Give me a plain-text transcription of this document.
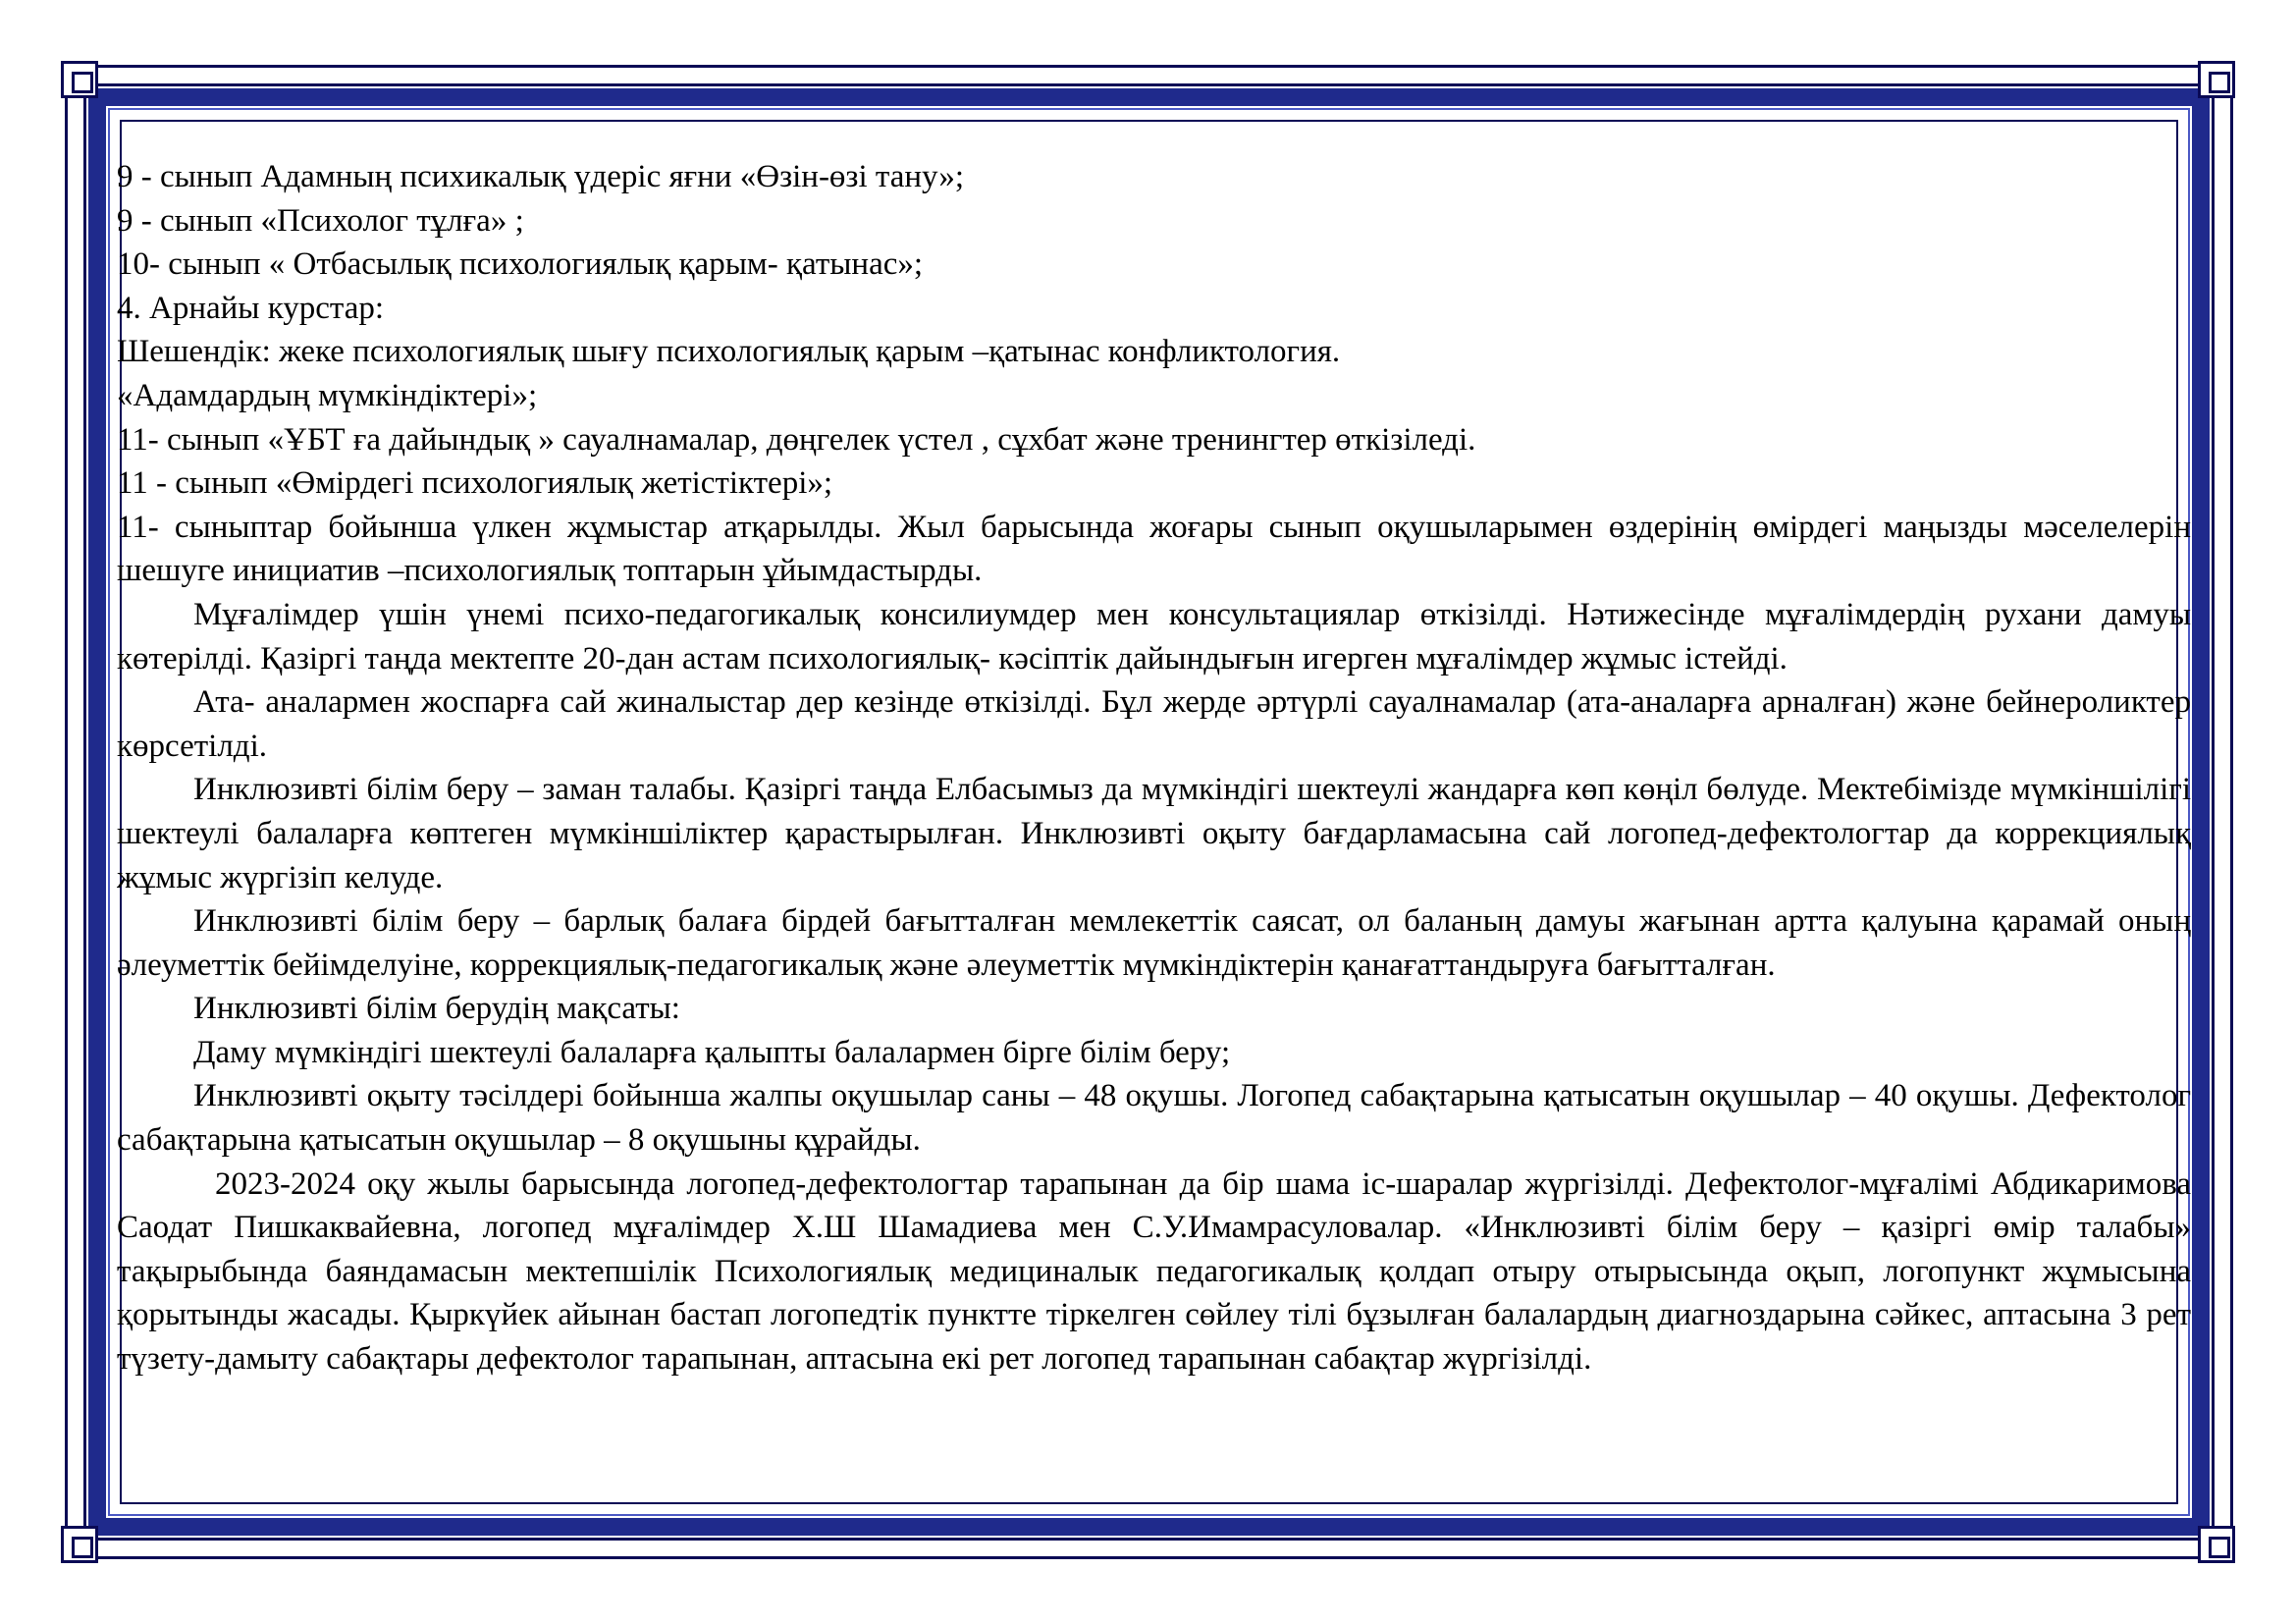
9 - сынып Адамның психикалық үдеріс яғни «Өзін-өзі тану»;

9 - сынып «Психолог тұлға» ;

10- сынып « Отбасылық психологиялық қарым- қатынас»;

4. Арнайы курстар:

Шешендік: жеке психологиялық шығу психологиялық қарым –қатынас конфликтология.

«Адамдардың мүмкіндіктері»;

11- сынып «ҰБТ ға дайындық » сауалнамалар, дөңгелек үстел , сұхбат және тренингтер өткізіледі.

11 - сынып «Өмірдегі психологиялық жетістіктері»;

11- сыныптар бойынша үлкен жұмыстар атқарылды. Жыл барысында жоғары сынып оқушыларымен өздерінің өмірдегі маңызды мәселелерін шешуге инициатив –психологиялық топтарын ұйымдастырды.

Мұғалімдер үшін үнемі психо-педагогикалық консилиумдер мен консультациялар өткізілді. Нәтижесінде мұғалімдердің рухани дамуы көтерілді. Қазіргі таңда мектепте 20-дан астам психологиялық- кәсіптік дайындығын игерген мұғалімдер жұмыс істейді.

Ата- аналармен жоспарға сай жиналыстар дер кезінде өткізілді. Бұл жерде әртүрлі сауалнамалар (ата-аналарға арналған) және бейнероликтер көрсетілді.

Инклюзивті білім беру – заман талабы. Қазіргі таңда Елбасымыз да мүмкіндігі шектеулі жандарға көп көңіл бөлуде. Мектебімізде мүмкіншілігі шектеулі балаларға көптеген мүмкіншіліктер қарастырылған. Инклюзивті оқыту бағдарламасына сай логопед-дефектологтар да коррекциялық жұмыс жүргізіп келуде.

Инклюзивті білім беру – барлық балаға бірдей бағытталған мемлекеттік саясат, ол баланың дамуы жағынан артта қалуына қарамай оның әлеуметтік бейімделуіне, коррекциялық-педагогикалық және әлеуметтік мүмкіндіктерін қанағаттандыруға бағытталған.

Инклюзивті білім берудің мақсаты:

Даму мүмкіндігі шектеулі балаларға қалыпты балалармен бірге білім беру;

Инклюзивті оқыту тәсілдері бойынша жалпы оқушылар саны – 48 оқушы. Логопед сабақтарына қатысатын оқушылар – 40 оқушы. Дефектолог сабақтарына қатысатын оқушылар – 8 оқушыны құрайды.

2023-2024 оқу жылы барысында логопед-дефектологтар тарапынан да бір шама іс-шаралар жүргізілді. Дефектолог-мұғалімі Абдикаримова Саодат Пишкаквайевна, логопед мұғалімдер Х.Ш Шамадиева мен С.У.Имамрасуловалар. «Инклюзивті білім беру – қазіргі өмір талабы» тақырыбында баяндамасын мектепшілік Психологиялық медициналык педагогикалық қолдап отыру отырысында оқып, логопункт жұмысына қорытынды жасады. Қыркүйек айынан бастап логопедтік пунктте тіркелген сөйлеу тілі бұзылған балалардың диагноздарына сәйкес, аптасына 3 рет түзету-дамыту сабақтары дефектолог тарапынан, аптасына екі рет логопед тарапынан сабақтар жүргізілді.
